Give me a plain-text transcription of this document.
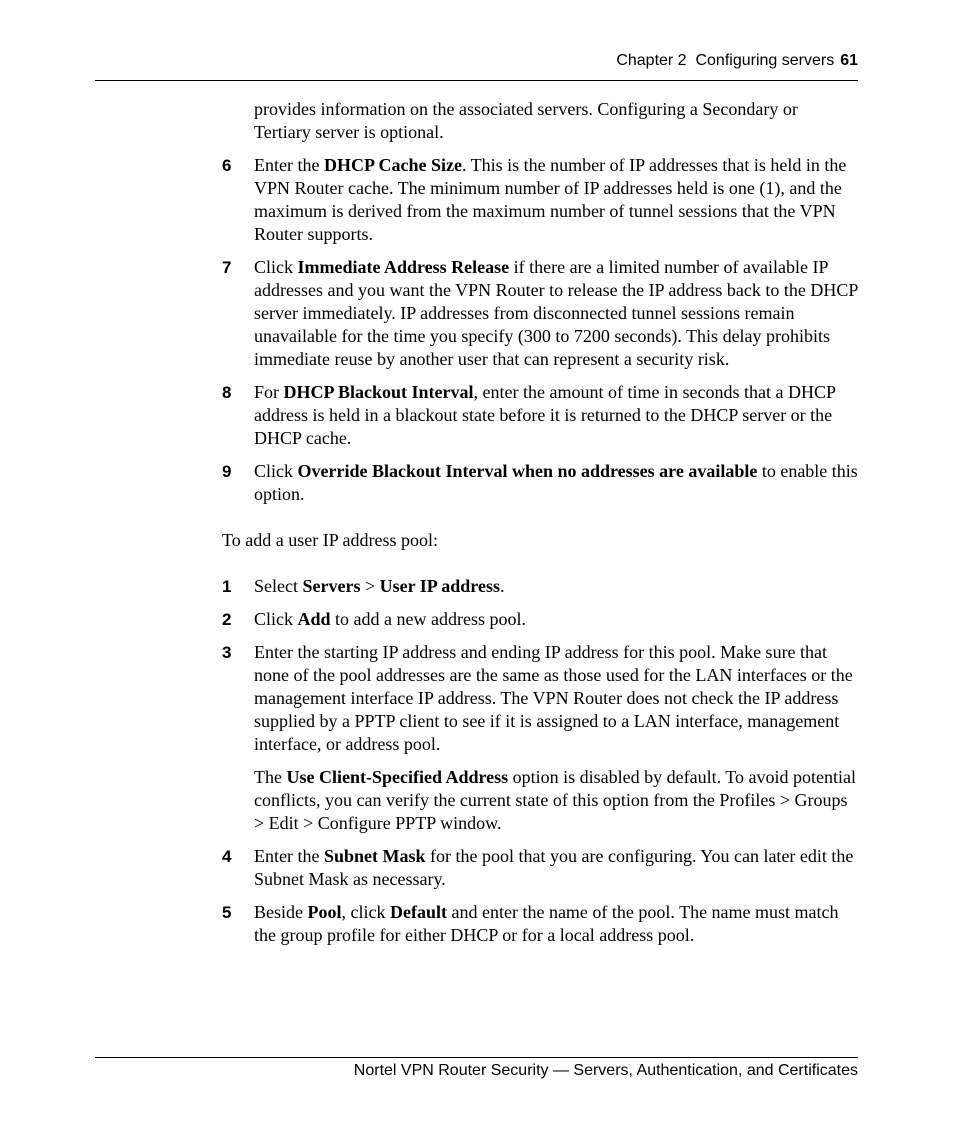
Chapter 2 Configuring servers 61

provides information on the associated servers. Configuring a Secondary or Tertiary server is optional.

6 Enter the DHCP Cache Size. This is the number of IP addresses that is held in the VPN Router cache. The minimum number of IP addresses held is one (1), and the maximum is derived from the maximum number of tunnel sessions that the VPN Router supports.
7 Click Immediate Address Release if there are a limited number of available IP addresses and you want the VPN Router to release the IP address back to the DHCP server immediately. IP addresses from disconnected tunnel sessions remain unavailable for the time you specify (300 to 7200 seconds). This delay prohibits immediate reuse by another user that can represent a security risk.
8 For DHCP Blackout Interval, enter the amount of time in seconds that a DHCP address is held in a blackout state before it is returned to the DHCP server or the DHCP cache.
9 Click Override Blackout Interval when no addresses are available to enable this option.

To add a user IP address pool:

1 Select Servers > User IP address.
2 Click Add to add a new address pool.
3 Enter the starting IP address and ending IP address for this pool. Make sure that none of the pool addresses are the same as those used for the LAN interfaces or the management interface IP address. The VPN Router does not check the IP address supplied by a PPTP client to see if it is assigned to a LAN interface, management interface, or address pool.

The Use Client-Specified Address option is disabled by default. To avoid potential conflicts, you can verify the current state of this option from the Profiles > Groups > Edit > Configure PPTP window.

4 Enter the Subnet Mask for the pool that you are configuring. You can later edit the Subnet Mask as necessary.
5 Beside Pool, click Default and enter the name of the pool. The name must match the group profile for either DHCP or for a local address pool.
Nortel VPN Router Security — Servers, Authentication, and Certificates
